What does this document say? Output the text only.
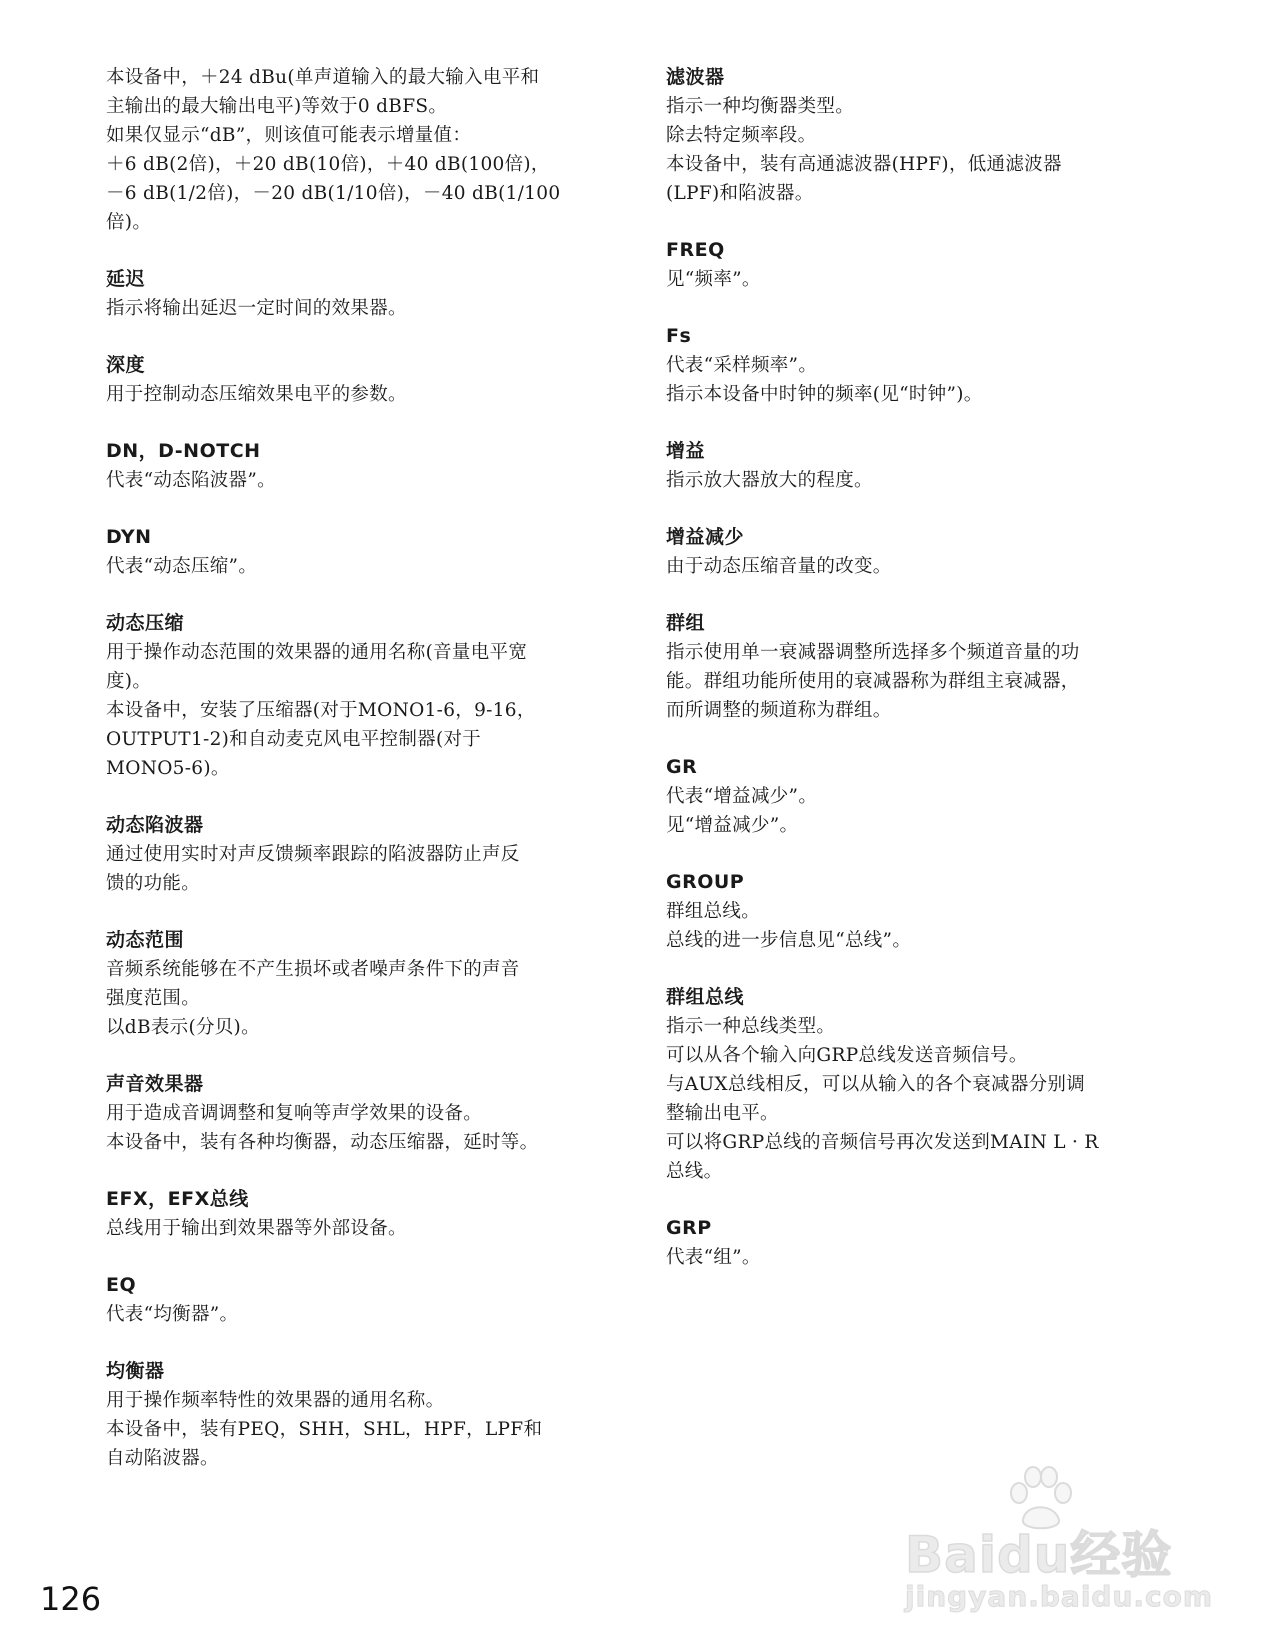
本设备中，＋24 dBu(单声道输入的最大输入电平和
主输出的最大输出电平)等效于0 dBFS。
如果仅显示“dB”，则该值可能表示增量值：
＋6 dB(2倍)，＋20 dB(10倍)，＋40 dB(100倍)，
－6 dB(1/2倍)，－20 dB(1/10倍)，－40 dB(1/100
倍)。
延迟
指示将输出延迟一定时间的效果器。
深度
用于控制动态压缩效果电平的参数。
DN，D-NOTCH
代表“动态陷波器”。
DYN
代表“动态压缩”。
动态压缩
用于操作动态范围的效果器的通用名称(音量电平宽
度)。
本设备中，安装了压缩器(对于MONO1-6，9-16，
OUTPUT1-2)和自动麦克风电平控制器(对于
MONO5-6)。
动态陷波器
通过使用实时对声反馈频率跟踪的陷波器防止声反
馈的功能。
动态范围
音频系统能够在不产生损坏或者噪声条件下的声音
强度范围。
以dB表示(分贝)。
声音效果器
用于造成音调调整和复响等声学效果的设备。
本设备中，装有各种均衡器，动态压缩器，延时等。
EFX，EFX总线
总线用于输出到效果器等外部设备。
EQ
代表“均衡器”。
均衡器
用于操作频率特性的效果器的通用名称。
本设备中，装有PEQ，SHH，SHL，HPF，LPF和
自动陷波器。
滤波器
指示一种均衡器类型。
除去特定频率段。
本设备中，装有高通滤波器(HPF)，低通滤波器
(LPF)和陷波器。
FREQ
见“频率”。
Fs
代表“采样频率”。
指示本设备中时钟的频率(见“时钟”)。
增益
指示放大器放大的程度。
增益减少
由于动态压缩音量的改变。
群组
指示使用单一衰减器调整所选择多个频道音量的功
能。群组功能所使用的衰减器称为群组主衰减器，
而所调整的频道称为群组。
GR
代表“增益减少”。
见“增益减少”。
GROUP
群组总线。
总线的进一步信息见“总线”。
群组总线
指示一种总线类型。
可以从各个输入向GRP总线发送音频信号。
与AUX总线相反，可以从输入的各个衰减器分别调
整输出电平。
可以将GRP总线的音频信号再次发送到MAIN L · R
总线。
GRP
代表“组”。
126
Baidu经验
jingyan.baidu.com
